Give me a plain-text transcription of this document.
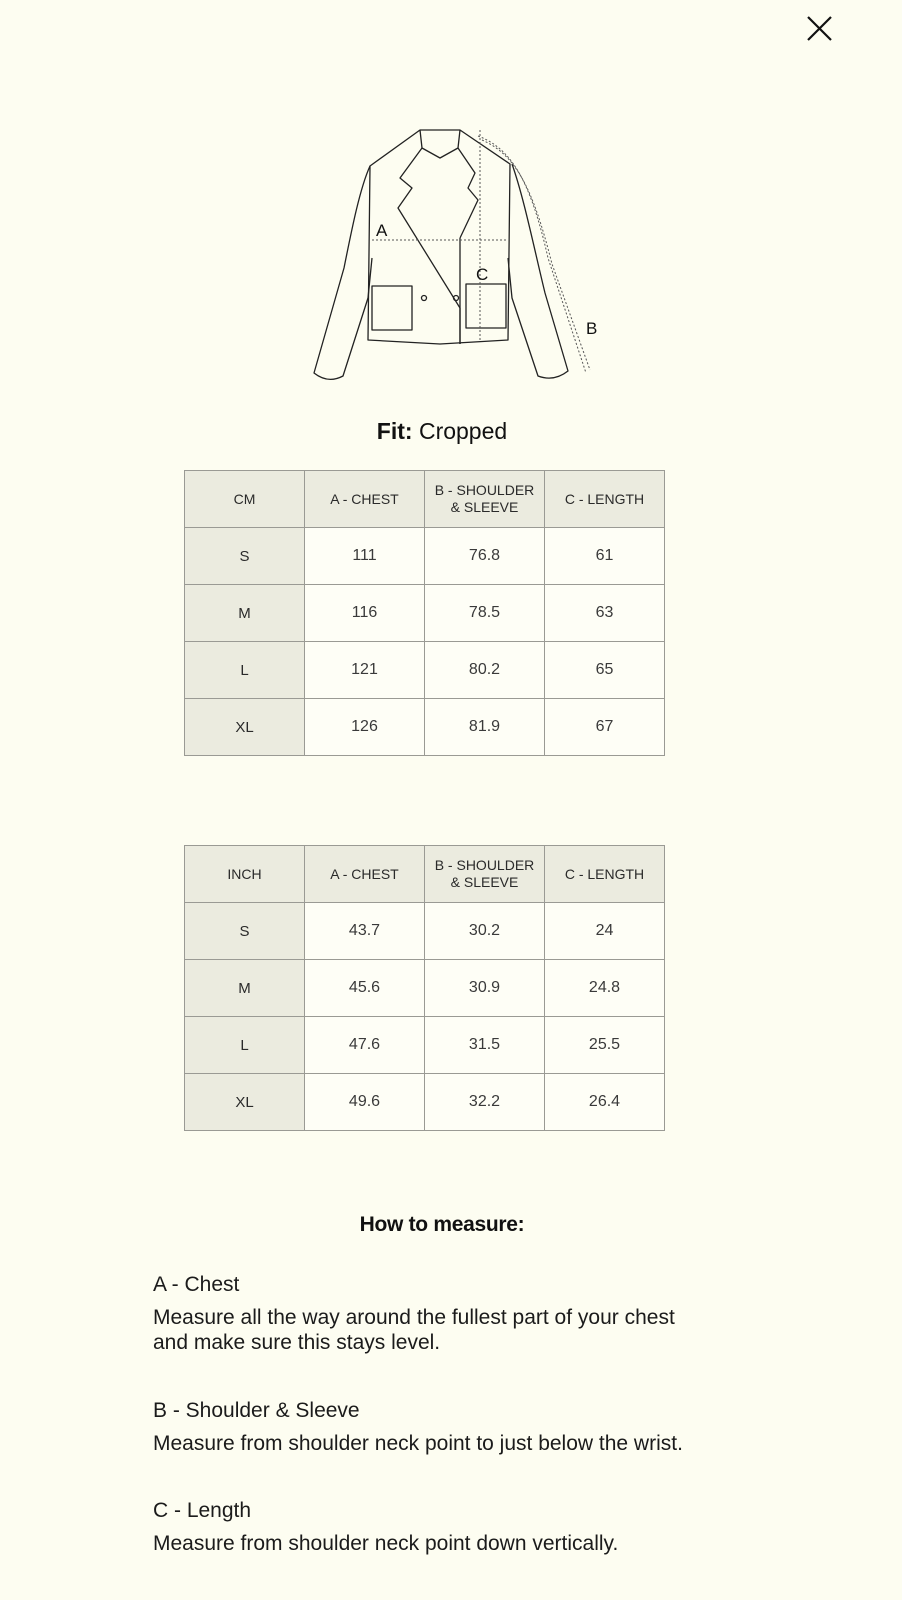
A
C
B
Fit: Cropped
CM	A - CHEST	B - SHOULDER
& SLEEVE	C - LENGTH
S	111	76.8	61
M	116	78.5	63
L	121	80.2	65
XL	126	81.9	67
INCH	A - CHEST	B - SHOULDER
& SLEEVE	C - LENGTH
S	43.7	30.2	24
M	45.6	30.9	24.8
L	47.6	31.5	25.5
XL	49.6	32.2	26.4
How to measure:
A - Chest
Measure all the way around the fullest part of your chest
and make sure this stays level.
B - Shoulder & Sleeve
Measure from shoulder neck point to just below the wrist.
C - Length
Measure from shoulder neck point down vertically.
